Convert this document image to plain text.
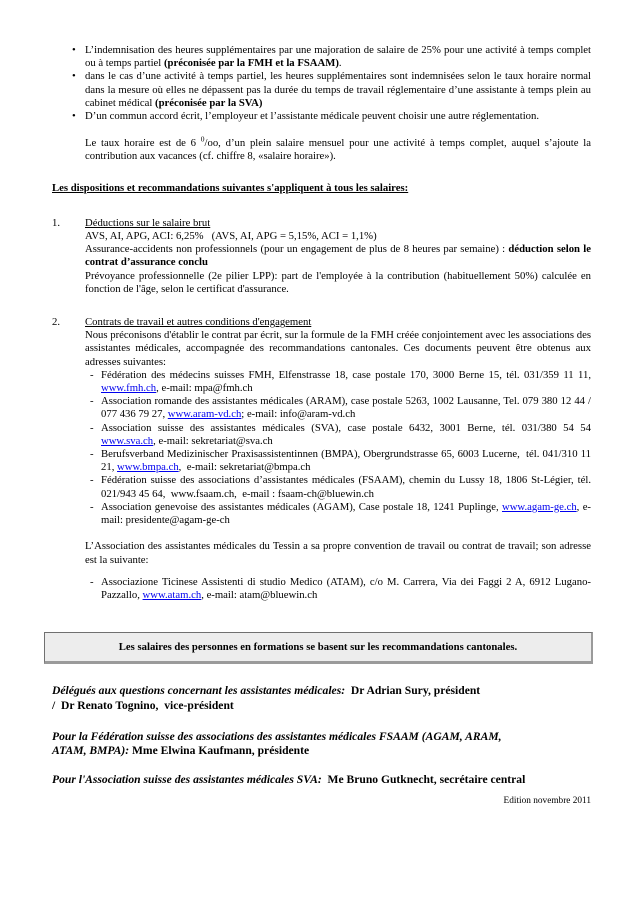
• L’indemnisation des heures supplémentaires par une majoration de salaire de 25% pour une activité à temps complet ou à temps partiel (préconisée par la FMH et la FSAAM).
• dans le cas d’une activité à temps partiel, les heures supplémentaires sont indemnisées selon le taux horaire normal dans la mesure où elles ne dépassent pas la durée du temps de travail réglementaire d’une assistante à temps plein au cabinet médical (préconisée par la SVA)
• D’un commun accord écrit, l’employeur et l’assistante médicale peuvent choisir une autre réglementation.
Le taux horaire est de 6 $^0$/oo, d’un plein salaire mensuel pour une activité à temps complet, auquel s’ajoute la contribution aux vacances (cf. chiffre 8, «salaire horaire»).
Les dispositions et recommandations suivantes s'appliquent à tous les salaires:
1.	Déductions sur le salaire brut
AVS, AI, APG, ACI: 6,25%   (AVS, AI, APG = 5,15%, ACI = 1,1%)
Assurance-accidents non professionnels (pour un engagement de plus de 8 heures par semaine) : déduction selon le contrat d’assurance conclu
Prévoyance professionnelle (2e pilier LPP): part de l'employée à la contribution (habituellement 50%) calculée en fonction de l'âge, selon le certificat d'assurance.
2.	Contrats de travail et autres conditions d'engagement
Nous préconisons d'établir le contrat par écrit, sur la formule de la FMH créée conjointement avec les associations des assistantes médicales, accompagnée des recommandations cantonales. Ces documents peuvent être obtenus aux adresses suivantes:
- Fédération des médecins suisses FMH, Elfenstrasse 18, case postale 170, 3000 Berne 15, tél. 031/359 11 11, www.fmh.ch, e-mail: mpa@fmh.ch
- Association romande des assistantes médicales (ARAM), case postale 5263, 1002 Lausanne, Tel. 079 380 12 44 / 077 436 79 27, www.aram-vd.ch; e-mail: info@aram-vd.ch
- Association suisse des assistantes médicales (SVA), case postale 6432, 3001 Berne, tél. 031/380 54 54 www.sva.ch, e-mail: sekretariat@sva.ch
- Berufsverband Medizinischer Praxisassistentinnen (BMPA), Obergrundstrasse 65, 6003 Lucerne,  tél. 041/310 11 21, www.bmpa.ch,  e-mail: sekretariat@bmpa.ch
- Fédération suisse des associations d’assistantes médicales (FSAAM), chemin du Lussy 18, 1806 St-Légier, tél. 021/943 45 64,  www.fsaam.ch,  e-mail : fsaam-ch@bluewin.ch
- Association genevoise des assistantes médicales (AGAM), Case postale 18, 1241 Puplinge, www.agam-ge.ch, e-mail: presidente@agam-ge-ch
L’Association des assistantes médicales du Tessin a sa propre convention de travail ou contrat de travail; son adresse est la suivante:
- Associazione Ticinese Assistenti di studio Medico (ATAM), c/o M. Carrera, Via dei Faggi 2 A, 6912 Lugano-Pazzallo, www.atam.ch, e-mail: atam@bluewin.ch
Les salaires des personnes en formations se basent sur les recommandations cantonales.
Délégués aux questions concernant les assistantes médicales:  Dr Adrian Sury, président
/  Dr Renato Tognino,  vice-président
Pour la Fédération suisse des associations des assistantes médicales FSAAM (AGAM, ARAM,
ATAM, BMPA): Mme Elwina Kaufmann, présidente
Pour l'Association suisse des assistantes médicales SVA:  Me Bruno Gutknecht, secrétaire central
Edition novembre 2011
